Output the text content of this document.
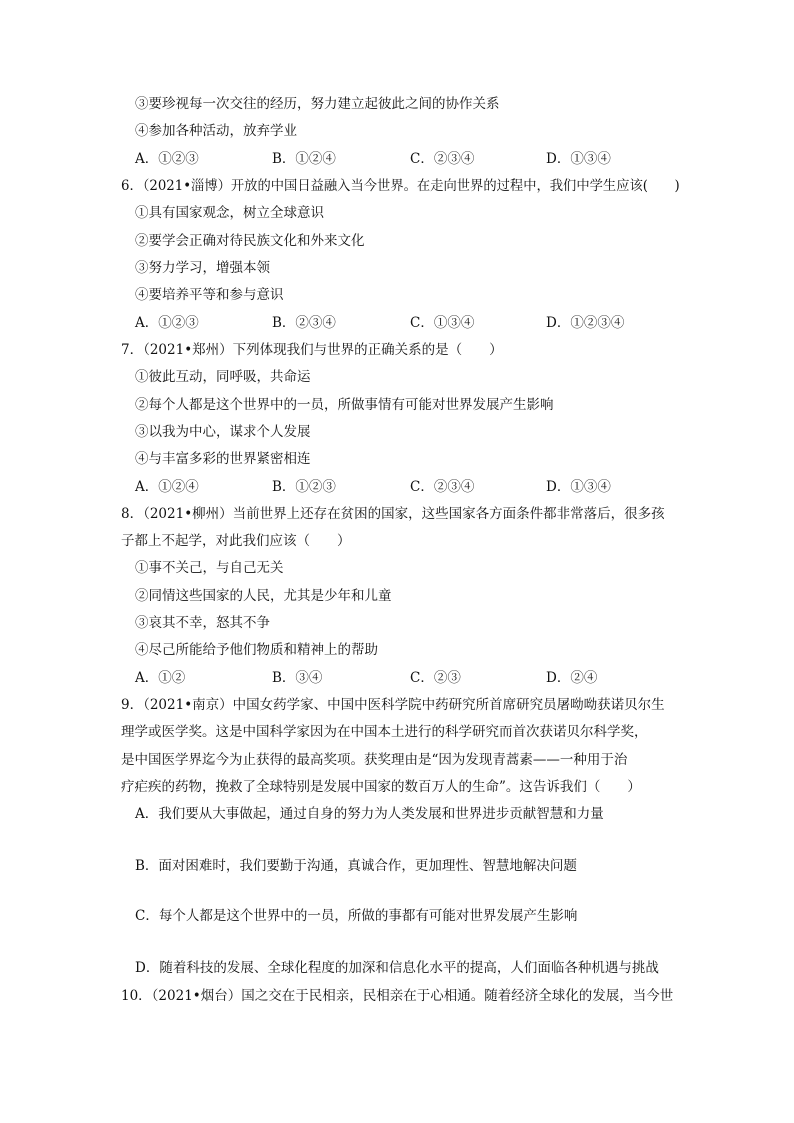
③要珍视每一次交往的经历，努力建立起彼此之间的协作关系
④参加各种活动，放弃学业
A．①②③	B．①②④	C．②③④	D．①③④
6．（2021•淄博）开放的中国日益融入当今世界。在走向世界的过程中，我们中学生应该(　　)
①具有国家观念，树立全球意识
②要学会正确对待民族文化和外来文化
③努力学习，增强本领
④要培养平等和参与意识
A．①②③	B．②③④	C．①③④	D．①②③④
7．（2021•郑州）下列体现我们与世界的正确关系的是（　　）
①彼此互动，同呼吸，共命运
②每个人都是这个世界中的一员，所做事情有可能对世界发展产生影响
③以我为中心，谋求个人发展
④与丰富多彩的世界紧密相连
A．①②④	B．①②③	C．②③④	D．①③④
8．（2021•柳州）当前世界上还存在贫困的国家，这些国家各方面条件都非常落后，很多孩
子都上不起学，对此我们应该（　　）
①事不关己，与自己无关
②同情这些国家的人民，尤其是少年和儿童
③哀其不幸，怒其不争
④尽己所能给予他们物质和精神上的帮助
A．①②	B．③④	C．②③	D．②④
9．（2021•南京）中国女药学家、中国中医科学院中药研究所首席研究员屠呦呦获诺贝尔生
理学或医学奖。这是中国科学家因为在中国本土进行的科学研究而首次获诺贝尔科学奖，
是中国医学界迄今为止获得的最高奖项。获奖理由是“因为发现青蒿素——一种用于治
疗疟疾的药物，挽救了全球特别是发展中国家的数百万人的生命”。这告诉我们（　　）
A．我们要从大事做起，通过自身的努力为人类发展和世界进步贡献智慧和力量
B．面对困难时，我们要勤于沟通，真诚合作，更加理性、智慧地解决问题
C．每个人都是这个世界中的一员，所做的事都有可能对世界发展产生影响
D．随着科技的发展、全球化程度的加深和信息化水平的提高，人们面临各种机遇与挑战
10．（2021•烟台）国之交在于民相亲，民相亲在于心相通。随着经济全球化的发展，当今世
